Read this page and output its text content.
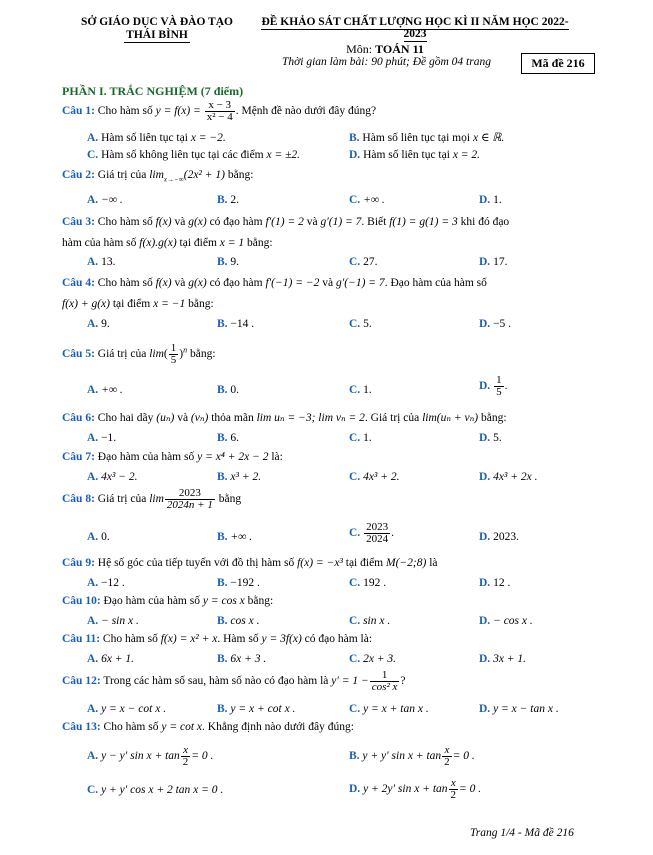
SỞ GIÁO DỤC VÀ ĐÀO TẠO
THÁI BÌNH
ĐỀ KHẢO SÁT CHẤT LƯỢNG HỌC KÌ II NĂM HỌC 2022-2023
Môn: TOÁN 11
Thời gian làm bài: 90 phút; Đề gồm 04 trang	Mã đề 216
PHẦN I. TRẮC NGHIỆM (7 điểm)
Câu 1: Cho hàm số $y = f(x) = \frac{x - 3}{\text{x² − 4}}$ . Mệnh đề nào dưới đây đúng?
A. Hàm số liên tục tại x = −2.	B. Hàm số liên tục tại mọi x ∈ ℝ.
C. Hàm số không liên tục tại các điểm x = ±2.	D. Hàm số liên tục tại x = 2.
Câu 2: Giá trị của $\lim_{x\to-\infty}(2x^2 + 1)$ bằng:
A. −∞ .	B. 2.	C. +∞ .	D. 1.
Câu 3: Cho hàm số f(x) và g(x) có đạo hàm f′(1) = 2 và g′(1) = 7. Biết f(1) = g(1) = 3 khi đó đạo
hàm của hàm số f(x).g(x) tại điểm x = 1 bằng:
A. 13.	B. 9.	C. 27.	D. 17.
Câu 4: Cho hàm số f(x) và g(x) có đạo hàm f′(−1) = −2 và g′(−1) = 7. Đạo hàm của hàm số
f(x) + g(x) tại điểm x = −1 bằng:
A. 9.	B. −14 .	C. 5.	D. −5 .
Câu 5: Giá trị của $\lim( \frac{1}{5} )^n$ bằng:
A. +∞ .	B. 0.	C. 1.	D. $\frac{1}{5}$ .
Câu 6: Cho hai dãy (uₙ) và (vₙ) thỏa mãn lim uₙ = −3; lim vₙ = 2. Giá trị của lim(uₙ + vₙ) bằng:
A. −1.	B. 6.	C. 1.	D. 5.
Câu 7: Đạo hàm của hàm số y = x⁴ + 2x − 2 là:
A. 4x³ − 2.	B. x³ + 2.	C. 4x³ + 2.	D. 4x³ + 2x .
Câu 8: Giá trị của $\lim \frac{2023}{2024n + 1}$ bằng
A. 0.	B. +∞ .	C. $\frac{2023}{2024}$ .	D. 2023.
Câu 9: Hệ số góc của tiếp tuyến với đồ thị hàm số f(x) = −x³ tại điểm M(−2;8) là
A. −12 .	B. −192 .	C. 192 .	D. 12 .
Câu 10: Đạo hàm của hàm số y = cos x bằng:
A. − sin x .	B. cos x .	C. sin x .	D. − cos x .
Câu 11: Cho hàm số f(x) = x² + x. Hàm số y = 3f(x) có đạo hàm là:
A. 6x + 1.	B. 6x + 3 .	C. 2x + 3.	D. 3x + 1.
Câu 12: Trong các hàm số sau, hàm số nào có đạo hàm là $y' = 1 - \frac{1}{\text{cos² x}}$ ?
A. y = x − cot x .	B. y = x + cot x .	C. y = x + tan x .	D. y = x − tan x .
Câu 13: Cho hàm số y = cot x. Khẳng định nào dưới đây đúng:
A. y − y′ $\sin x + \tan \frac{x}{2} = 0$ .	B. y + y′ $\sin x + \tan \frac{x}{2} = 0$ .
C. y + y′ cos x + 2 tan x = 0 .	D. y + 2y′ $\sin x + \tan \frac{x}{2} = 0$ .
Trang 1/4 - Mã đề 216
